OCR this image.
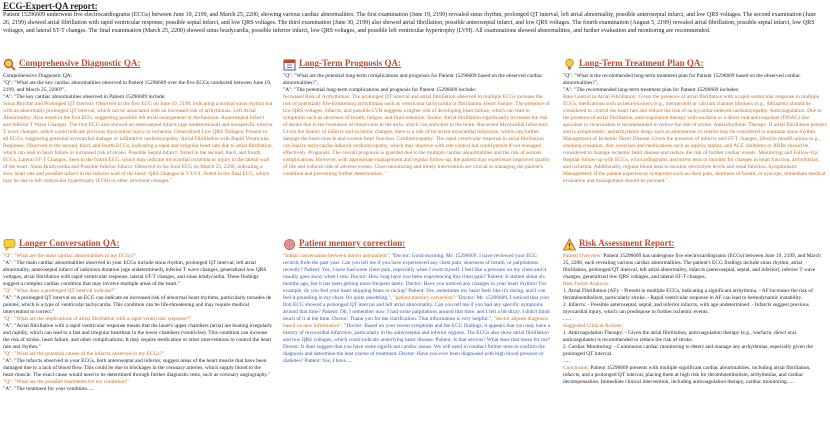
ECG-Expert-QA report:
Patient 15296609 underwent five electrocardiograms (ECGs) between June 19, 2199, and March 25, 2200, showing various cardiac abnormalities. The first examination (June 19, 2199) revealed sinus rhythm, prolonged QT interval, left atrial abnormality, possible anteroseptal infarct, and low QRS voltages. The second examination (June 26, 2199) showed atrial fibrillation with rapid ventricular response, possible septal infarct, and low QRS voltages. The third examination (June 30, 2199) also showed atrial fibrillation, possible anteroseptal infarct, and low QRS voltages. The fourth examination (August 5, 2199) revealed atrial fibrillation, possible septal infarct, low QRS voltages, and lateral ST-T changes. The final examination (March 25, 2200) showed sinus bradycardia, possible inferior infarct, low QRS voltages, and possible left ventricular hypertrophy (LVH). All examinations showed abnormalities, and further evaluation and monitoring are recommended.
Comprehensive Diagnostic QA:

Comprehensive Diagnostic QA:

"Q": "What are the key cardiac abnormalities observed in Patient 15296609 over the five ECGs conducted between June 19, 2199, and March 25, 2200?",

"A": "The key cardiac abnormalities observed in Patient 15296609 include:

Sinus Rhythm and Prolonged QT Interval: Observed in the first ECG on June 19, 2199, indicating a normal sinus rhythm but with an abnormally prolonged QT interval, which can be associated with an increased risk of arrhythmias. Left Atrial Abnormality: Also noted in the first ECG, suggesting possible left atrial enlargement or dysfunction. Anteroseptal Infarct and Inferior T Wave Changes: The first ECG also showed an anteroseptal infarct (age undetermined) and nonspecific inferior T wave changes, which could indicate previous myocardial injury or ischemia. Generalized Low QRS Voltages: Present in all ECGs, suggesting potential myocardial damage or infiltrative cardiomyopathy. Atrial Fibrillation with Rapid Ventricular Response: Observed in the second, third, and fourth ECGs, indicating a rapid and irregular heart rate due to atrial fibrillation, which can lead to heart failure or increased risk of stroke. Possible Septal Infarct: Noted in the second, third, and fourth ECGs. Lateral ST-T Changes: Seen in the fourth ECG, which may indicate myocardial ischemia or injury in the lateral wall of the heart. Sinus Bradycardia and Possible Inferior Infarct: Observed in the final ECG on March 25, 2200, indicating a slow heart rate and possible infarct in the inferior wall of the heart. QRS Changes in V3/V4: Noted in the final ECG, which may be due to left ventricular hypertrophy (LVH) or other structural changes."

Long-Term Prognosis QA:

"Q": "What are the potential long-term complications and prognosis for Patient 15296609 based on the observed cardiac abnormalities?",

"A": "The potential long-term complications and prognosis for Patient 15296609 include:

Increased Risk of Arrhythmias: The prolonged QT interval and atrial fibrillation observed in multiple ECGs increase the risk of potentially life-threatening arrhythmias such as ventricular tachycardia or fibrillation. Heart Failure: The presence of low QRS voltages, infarcts, and possible LVH suggests a higher risk of developing heart failure, which can lead to symptoms such as shortness of breath, fatigue, and fluid retention. Stroke: Atrial fibrillation significantly increases the risk of stroke due to the formation of blood clots in the atria, which can embolize to the brain. Recurrent Myocardial Infarction: Given the history of infarcts and ischemic changes, there is a risk of recurrent myocardial infarction, which can further damage the heart muscle and worsen heart function. Cardiomyopathy: The rapid ventricular response in atrial fibrillation can lead to tachycardia-induced cardiomyopathy, which may improve with rate control but could persist if not managed effectively. Prognosis: The overall prognosis is guarded due to the multiple cardiac abnormalities and the risk of serious complications. However, with appropriate management and regular follow-up, the patient may experience improved quality of life and reduced risk of adverse events. Close monitoring and timely intervention are crucial to managing the patient's condition and preventing further deterioration. "

Long-Term Treatment Plan QA:

"Q": "What is the recommended long-term treatment plan for Patient 15296609 based on the observed cardiac abnormalities?",

"A": "The recommended long-term treatment plan for Patient 15296609 includes:

Rate Control in Atrial Fibrillation: Given the presence of atrial fibrillation with a rapid ventricular response in multiple ECGs, medications such as beta-blockers (e.g., metoprolol) or calcium channel blockers (e.g., diltiazem) should be considered to control the heart rate and reduce the risk of tachycardia-induced cardiomyopathy. Anticoagulation: Due to the presence of atrial fibrillation, anticoagulation therapy with warfarin or a direct oral anticoagulant (DOAC) like apixaban or rivaroxaban is recommended to reduce the risk of stroke. Antiarrhythmic Therapy: If atrial fibrillation persists and is symptomatic, antiarrhythmic drugs such as amiodarone or sotalol may be considered to maintain sinus rhythm. Management of Ischemic Heart Disease: Given the presence of infarcts and ST-T changes, lifestyle modifications (e.g., smoking cessation, diet, exercise) and medications such as aspirin, statins, and ACE inhibitors or ARBs should be considered to manage ischemic heart disease and reduce the risk of further cardiac events. Monitoring and Follow-Up: Regular follow-up with ECGs, echocardiograms, and stress tests to monitor for changes in heart function, arrhythmias, and ischemia. Additionally, regular blood tests to monitor electrolyte levels and renal function. Symptomatic Management: If the patient experiences symptoms such as chest pain, shortness of breath, or syncope, immediate medical evaluation and management should be pursued."

Longer Conversation QA:

"Q": "What are the main cardiac abnormalities in my ECGs?"

"A": "The main cardiac abnormalities observed in your ECGs include sinus rhythm, prolonged QT interval, left atrial abnormality, anteroseptal infarct of unknown duration (age undetermined), inferior T wave changes, generalized low QRS voltages, atrial fibrillation with rapid ventricular response, lateral ST-T changes, and sinus bradycardia. These findings suggest a complex cardiac condition that may involve multiple areas of the heart."

"Q": "What does a prolonged QT interval indicate?"

"A": "A prolonged QT interval on an ECG can indicate an increased risk of abnormal heart rhythms, particularly torsades de pointes, which is a type of ventricular tachycardia. This condition can be life-threatening and may require medical intervention to correct."

"Q": "What are the implications of atrial fibrillation with a rapid ventricular response?"

"A": "Atrial fibrillation with a rapid ventricular response means that the heart's upper chambers (atria) are beating irregularly and rapidly, which can lead to a fast and irregular heartbeat in the lower chambers (ventricles). This condition can increase the risk of stroke, heart failure, and other complications. It may require medication or other interventions to control the heart rate and rhythm."

"Q": "What are the potential causes of the infarcts observed in my ECGs?"

"A": "The infarcts observed in your ECGs, both anteroseptal and inferior, suggest areas of the heart muscle that have been damaged due to a lack of blood flow. This could be due to blockages in the coronary arteries, which supply blood to the heart muscle. The exact cause would need to be determined through further diagnostic tests, such as coronary angiography."

"Q": "What are the possible treatments for my condition?"

"A": "The treatment for your condition.....

Patient memory correction:

"Initial conversation between doctor and patient": "Doctor: Good morning, Mr. 15296609. I have reviewed your ECG records from the past year. Can you tell me if you have experienced any chest pain, shortness of breath, or palpitations recently? Patient: Yes, I have had some chest pain, especially when I exert myself. I feel like a pressure on my chest and it usually goes away when I rest. Doctor: How long have you been experiencing this chest pain? Patient: It started about six months ago, but it has been getting more frequent lately. Doctor: Have you noticed any changes in your heart rhythm? For example, do you feel your heart skipping beats or racing? Patient: Yes, sometimes my heart feels like it's racing, and I can feel it pounding in my chest. It's quite unsettling.", "patient memory correction":"Doctor: Mr. 15296609, I noticed that your first ECG showed a prolonged QT interval and left atrial abnormality. Can you tell me if you had any specific symptoms around that time? Patient: Oh, I remember now. I had some palpitations around that time, and I felt a bit dizzy. I didn't think much of it at the time. Doctor: Thank you for the clarification. That information is very helpful.", "doctor adjusts diagnosis based on new information": "Doctor: Based on your recent symptoms and the ECG findings, it appears that you may have a history of myocardial infarction, particularly in the anteroseptal and inferior regions. The ECGs also show atrial fibrillation and low QRS voltages, which could indicate underlying heart disease. Patient: Is that serious? What does that mean for me? Doctor: It does suggest that you have some significant cardiac issues. We will need to conduct further tests to confirm the diagnosis and determine the best course of treatment. Doctor: Have you ever been diagnosed with high blood pressure or diabetes? Patient: Yes, I have.....

Risk Assessment Report:

Patient Overview: Patient 15296609 has undergone five electrocardiograms (ECGs) between June 19, 2199, and March 25, 2200, each revealing various cardiac abnormalities. The patient's ECG findings include sinus rhythm, atrial fibrillation, prolonged QT interval, left atrial abnormality, infarcts (anteroseptal, septal, and inferior), inferior T wave changes, generalized low QRS voltages, and lateral ST-T changes.

Risk Factor Analysis:

1. Atrial Fibrillation (AF): - Present in multiple ECGs, indicating a significant arrhythmia. - AF increases the risk of thromboembolism, particularly stroke. - Rapid ventricular response in AF can lead to hemodynamic instability.

2. Infarcts: - Possible anteroseptal, septal, and inferior infarcts, with age undetermined. - Infarcts suggest previous myocardial injury, which can predispose to further ischemic events.

......

Suggested Clinical Actions:

1. Anticoagulation Therapy: - Given the atrial fibrillation, anticoagulation therapy (e.g., warfarin, direct oral anticoagulants) is recommended to reduce the risk of stroke.

2. Cardiac Monitoring: - Continuous cardiac monitoring to detect and manage any arrhythmias, especially given the prolonged QT interval.

......

Conclusion: Patient 15296609 presents with multiple significant cardiac abnormalities, including atrial fibrillation, infarcts, and a prolonged QT interval, placing them at high risk for thromboembolism, arrhythmias, and cardiac decompensation. Immediate clinical intervention, including anticoagulation therapy, cardiac monitoring......
